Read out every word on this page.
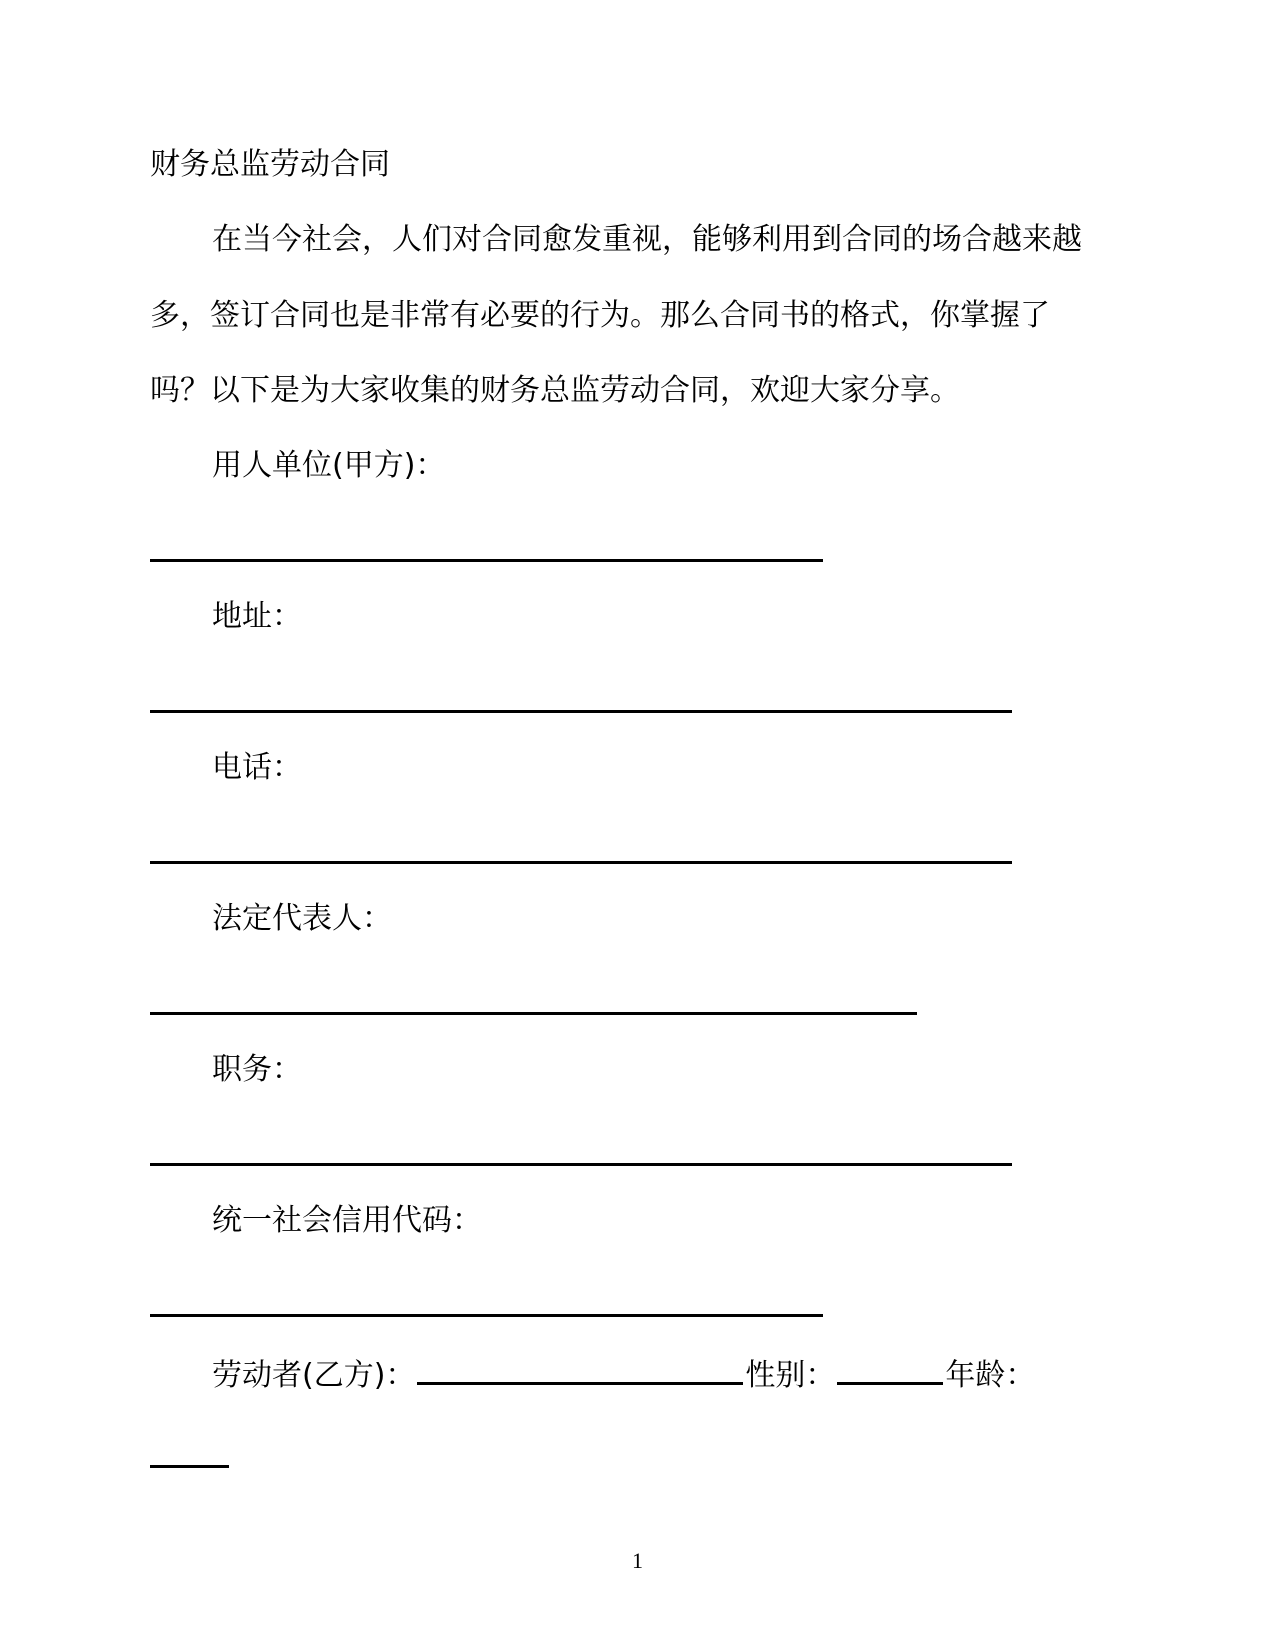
财务总监劳动合同
在当今社会，人们对合同愈发重视，能够利用到合同的场合越来越
多，签订合同也是非常有必要的行为。那么合同书的格式，你掌握了
吗？以下是为大家收集的财务总监劳动合同，欢迎大家分享。
用人单位(甲方)：
地址：
电话：
法定代表人：
职务：
统一社会信用代码：
劳动者(乙方)：	性别：	年龄：
1
